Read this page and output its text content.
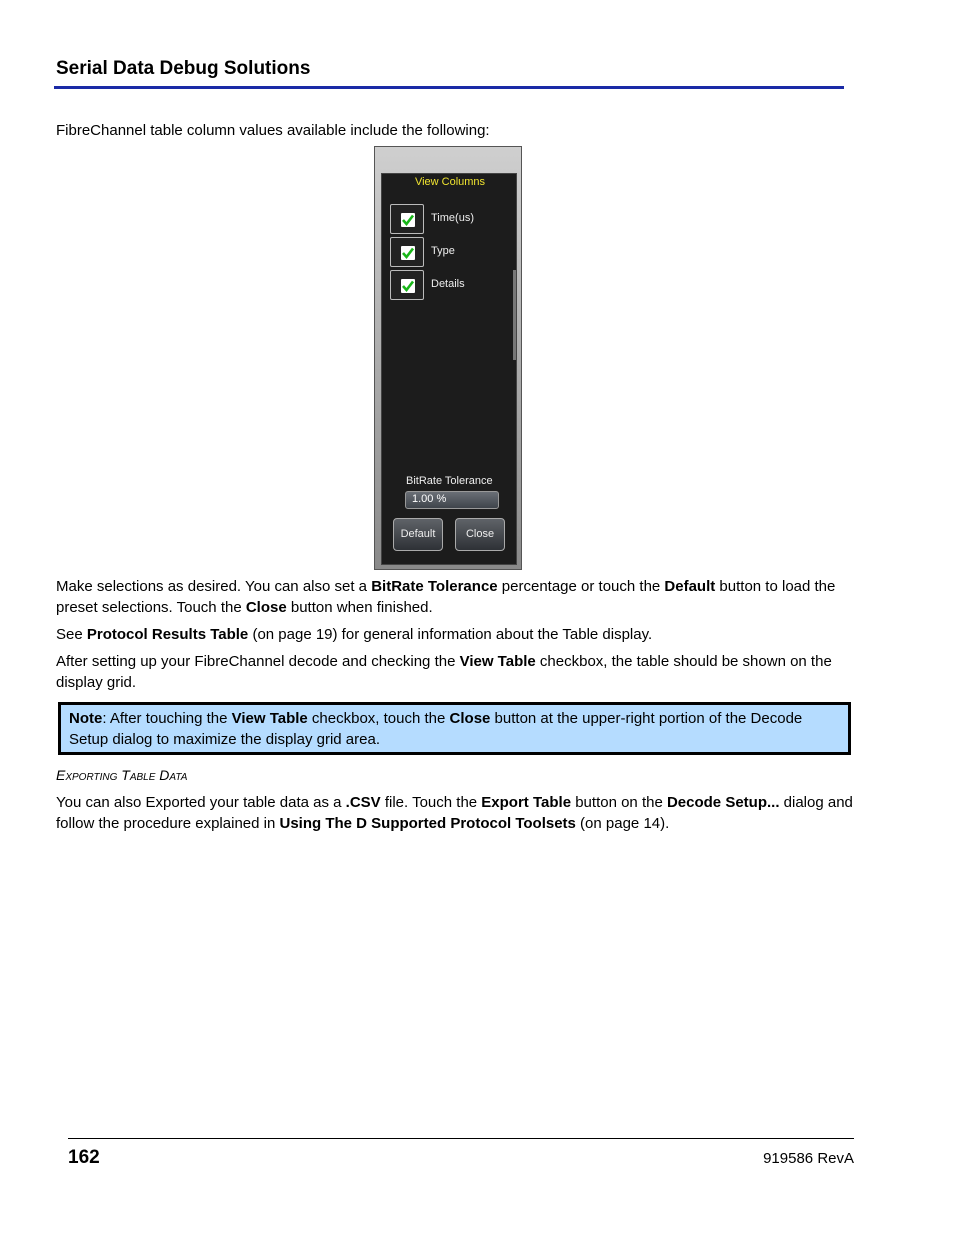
Serial Data Debug Solutions
FibreChannel table column values available include the following:
View Columns
Time(us)
Type
Details
BitRate Tolerance
1.00 %
Default	Close
Make selections as desired. You can also set a BitRate Tolerance percentage or touch the Default button to load the preset selections. Touch the Close button when finished.
See Protocol Results Table (on page 19) for general information about the Table display.
After setting up your FibreChannel decode and checking the View Table checkbox, the table should be shown on the display grid.
Note: After touching the View Table checkbox, touch the Close button at the upper-right portion of the Decode Setup dialog to maximize the display grid area.
Exporting Table Data
You can also Exported your table data as a .CSV file. Touch the Export Table button on the Decode Setup... dialog and follow the procedure explained in Using The D Supported Protocol Toolsets (on page 14).
162	919586 RevA
